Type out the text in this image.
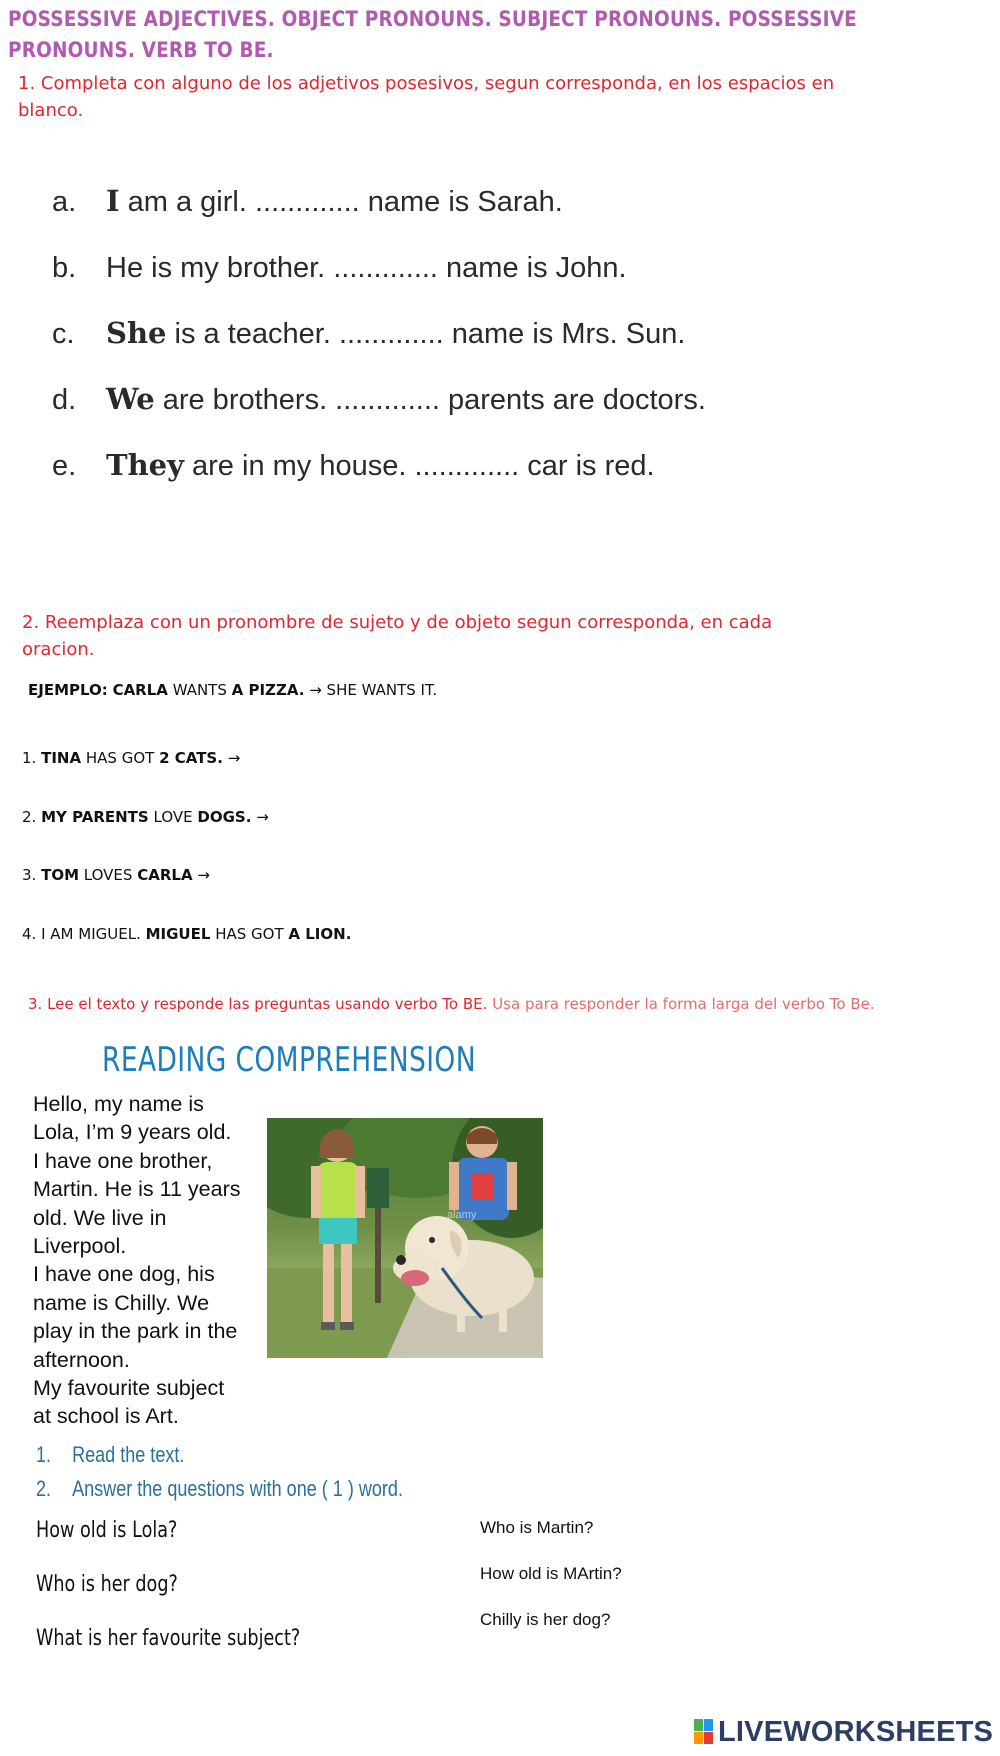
POSSESSIVE ADJECTIVES. OBJECT PRONOUNS. SUBJECT PRONOUNS. POSSESSIVE PRONOUNS. VERB TO BE.
1. Completa con alguno de los adjetivos posesivos, segun corresponda, en los espacios en blanco.
a. I am a girl. ............. name is Sarah.
b. He is my brother. ............. name is John.
c. She is a teacher. ............. name is Mrs. Sun.
d. We are brothers. ............. parents are doctors.
e. They are in my house. ............. car is red.
2. Reemplaza con un pronombre de sujeto y de objeto segun corresponda, en cada oracion.
EJEMPLO: CARLA WANTS A PIZZA. → SHE WANTS IT.
1. TINA HAS GOT 2 CATS. →
2. MY PARENTS LOVE DOGS. →
3. TOM LOVES CARLA →
4. I AM MIGUEL. MIGUEL HAS GOT A LION.
3. Lee el texto y responde las preguntas usando verbo To BE. Usa para responder la forma larga del verbo To Be.
READING COMPREHENSION
Hello, my name is
Lola, I’m 9 years old.
I have one brother,
Martin. He is 11 years
old. We live in
Liverpool.
I have one dog, his
name is Chilly. We
play in the park in the
afternoon.
My favourite subject
at school is Art.
alamy
1. Read the text.
2. Answer the questions with one ( 1 ) word.
How old is Lola?
Who is her dog?
What is her favourite subject?
Who is Martin?
How old is MArtin?
Chilly is her dog?
LIVEWORKSHEETS
